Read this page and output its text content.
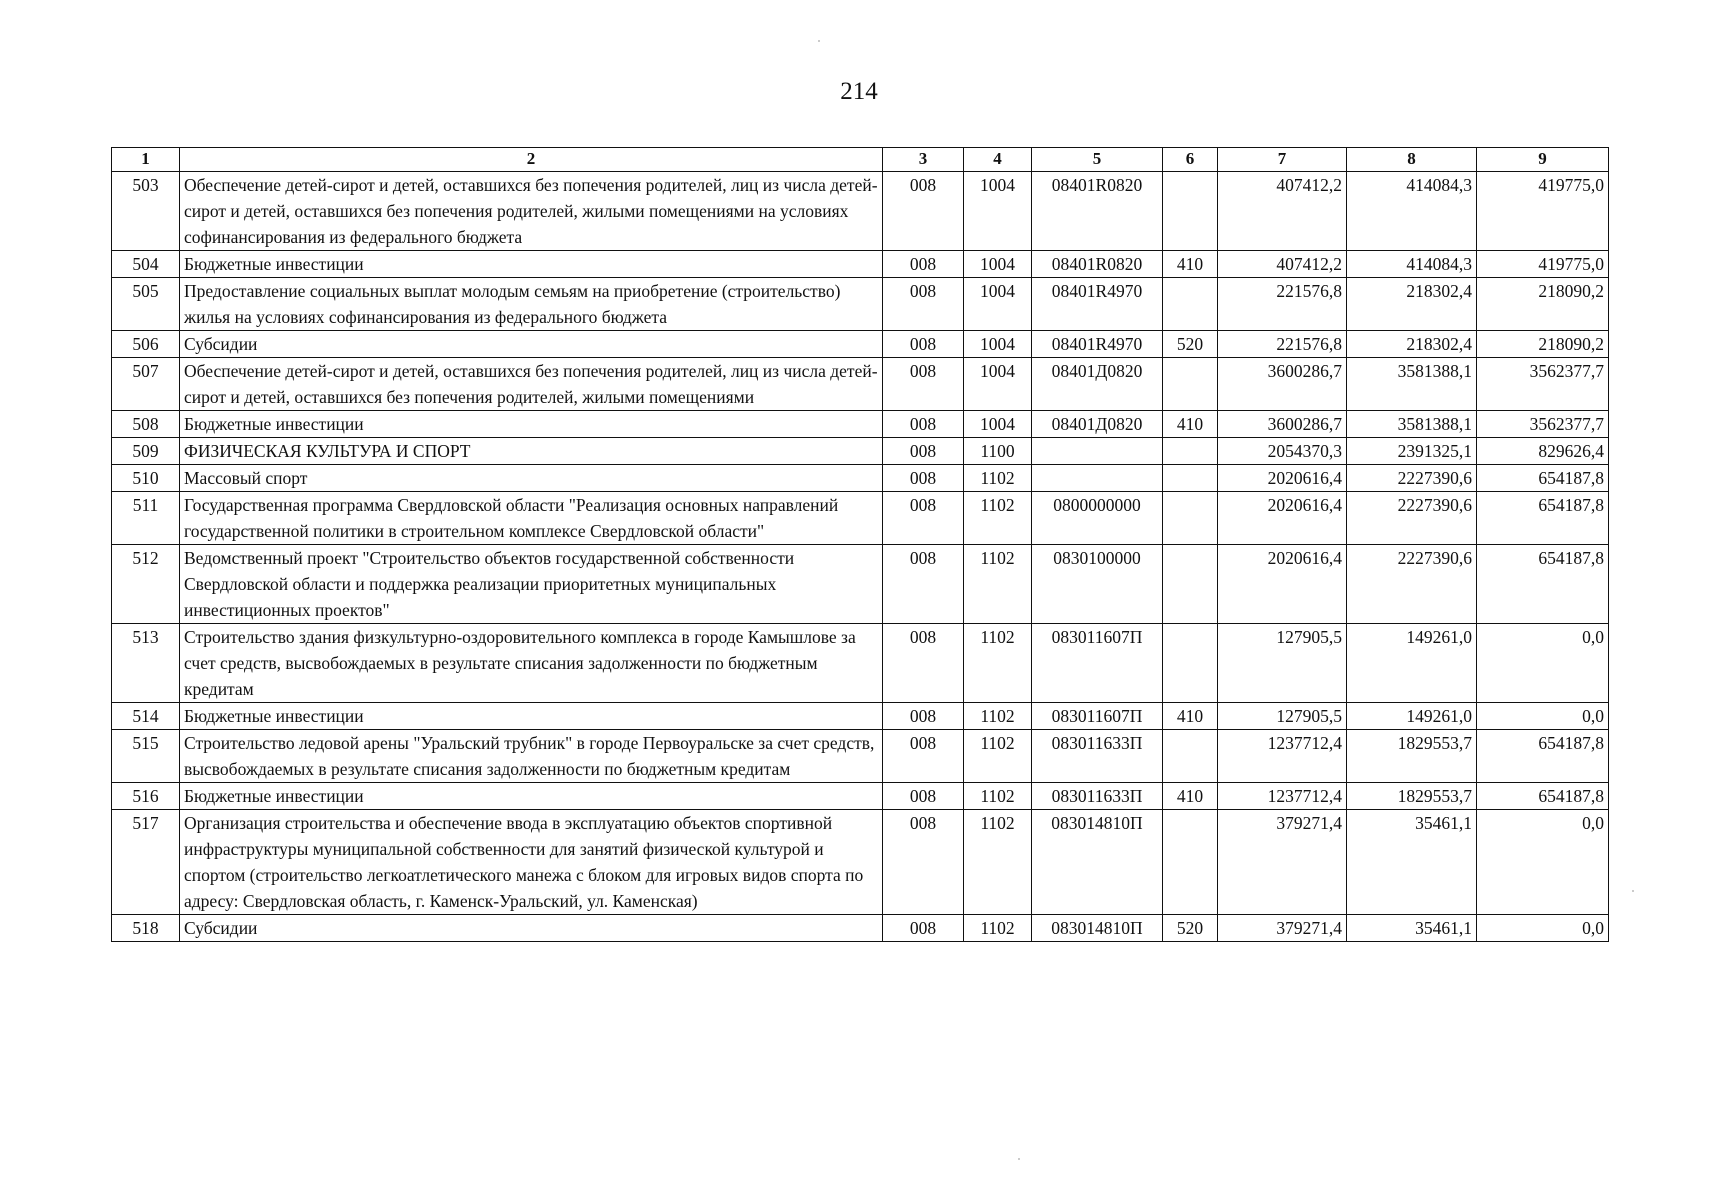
214
1	2	3	4	5	6	7	8	9
503	Обеспечение детей-сирот и детей, оставшихся без попечения родителей, лиц из числа детей-сирот и детей, оставшихся без попечения родителей, жилыми помещениями на условиях софинансирования из федерального бюджета	008	1004	08401R0820		407412,2	414084,3	419775,0
504	Бюджетные инвестиции	008	1004	08401R0820	410	407412,2	414084,3	419775,0
505	Предоставление социальных выплат молодым семьям на приобретение (строительство) жилья на условиях софинансирования из федерального бюджета	008	1004	08401R4970		221576,8	218302,4	218090,2
506	Субсидии	008	1004	08401R4970	520	221576,8	218302,4	218090,2
507	Обеспечение детей-сирот и детей, оставшихся без попечения родителей, лиц из числа детей-сирот и детей, оставшихся без попечения родителей, жилыми помещениями	008	1004	08401Д0820		3600286,7	3581388,1	3562377,7
508	Бюджетные инвестиции	008	1004	08401Д0820	410	3600286,7	3581388,1	3562377,7
509	ФИЗИЧЕСКАЯ КУЛЬТУРА И СПОРТ	008	1100			2054370,3	2391325,1	829626,4
510	Массовый спорт	008	1102			2020616,4	2227390,6	654187,8
511	Государственная программа Свердловской области "Реализация основных направлений государственной политики в строительном комплексе Свердловской области"	008	1102	0800000000		2020616,4	2227390,6	654187,8
512	Ведомственный проект "Строительство объектов государственной собственности Свердловской области и поддержка реализации приоритетных муниципальных инвестиционных проектов"	008	1102	0830100000		2020616,4	2227390,6	654187,8
513	Строительство здания физкультурно-оздоровительного комплекса в городе Камышлове за счет средств, высвобождаемых в результате списания задолженности по бюджетным кредитам	008	1102	083011607П		127905,5	149261,0	0,0
514	Бюджетные инвестиции	008	1102	083011607П	410	127905,5	149261,0	0,0
515	Строительство ледовой арены "Уральский трубник" в городе Первоуральске за счет средств, высвобождаемых в результате списания задолженности по бюджетным кредитам	008	1102	083011633П		1237712,4	1829553,7	654187,8
516	Бюджетные инвестиции	008	1102	083011633П	410	1237712,4	1829553,7	654187,8
517	Организация строительства и обеспечение ввода в эксплуатацию объектов спортивной инфраструктуры муниципальной собственности для занятий физической культурой и спортом (строительство легкоатлетического манежа с блоком для игровых видов спорта по адресу: Свердловская область, г. Каменск-Уральский, ул. Каменская)	008	1102	083014810П		379271,4	35461,1	0,0
518	Субсидии	008	1102	083014810П	520	379271,4	35461,1	0,0
